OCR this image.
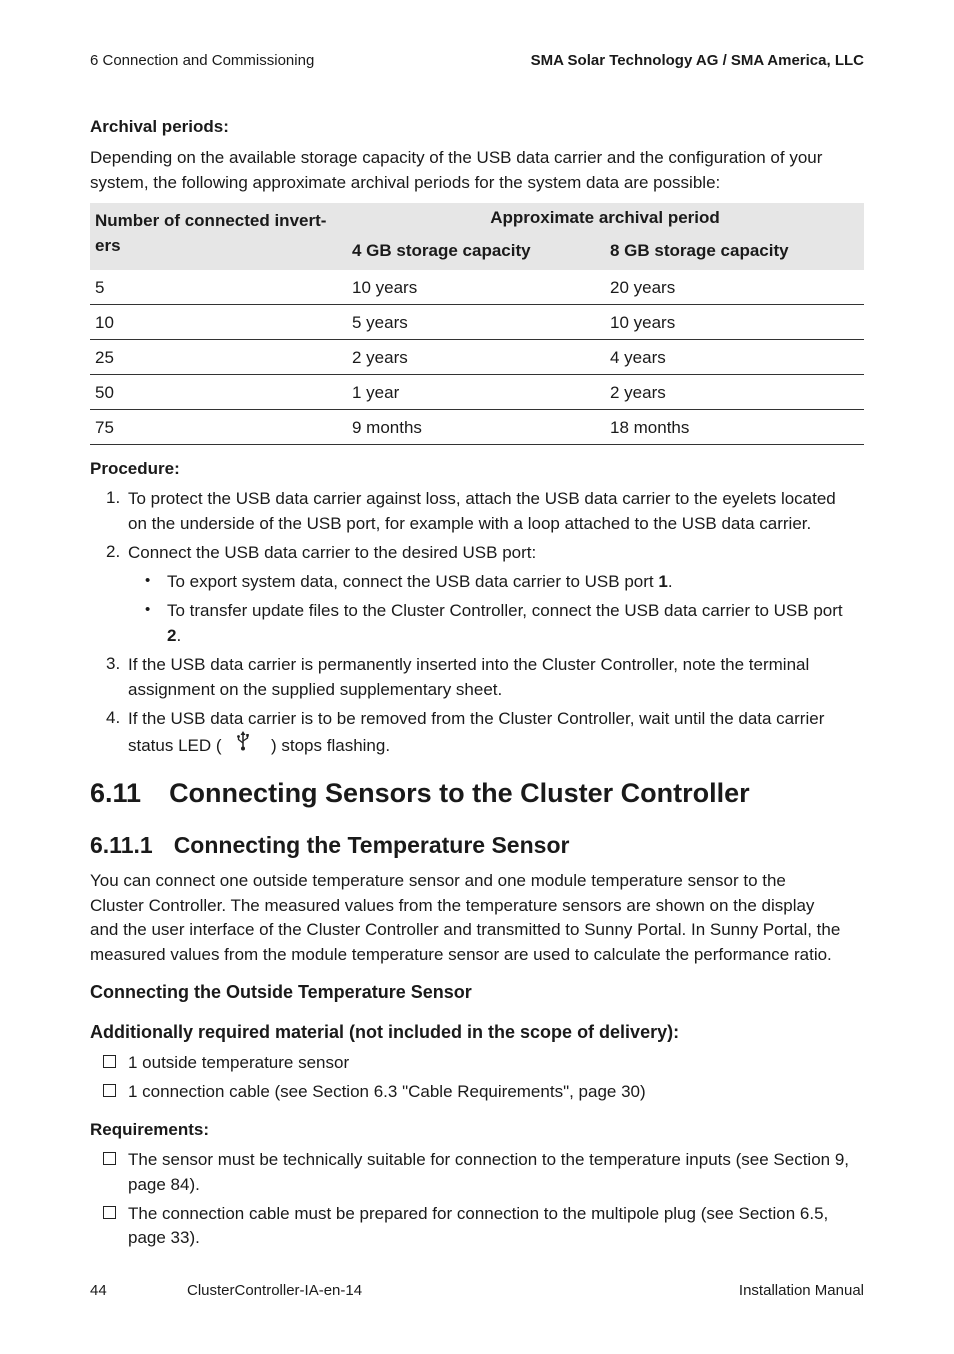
6 Connection and Commissioning	SMA Solar Technology AG / SMA America, LLC
Archival periods:
Depending on the available storage capacity of the USB data carrier and the configuration of your
system, the following approximate archival periods for the system data are possible:
Number of connected invert-
ers	Approximate archival period	
	4 GB storage capacity	8 GB storage capacity
5	10 years	20 years
10	5 years	10 years
25	2 years	4 years
50	1 year	2 years
75	9 months	18 months
Procedure:
1. To protect the USB data carrier against loss, attach the USB data carrier to the eyelets located
on the underside of the USB port, for example with a loop attached to the USB data carrier.
2. Connect the USB data carrier to the desired USB port:
• To export system data, connect the USB data carrier to USB port 1.
• To transfer update files to the Cluster Controller, connect the USB data carrier to USB port
2.
3. If the USB data carrier is permanently inserted into the Cluster Controller, note the terminal
assignment on the supplied supplementary sheet.
4. If the USB data carrier is to be removed from the Cluster Controller, wait until the data carrier
status LED (	) stops flashing.
6.11 Connecting Sensors to the Cluster Controller
6.11.1 Connecting the Temperature Sensor
You can connect one outside temperature sensor and one module temperature sensor to the
Cluster Controller. The measured values from the temperature sensors are shown on the display
and the user interface of the Cluster Controller and transmitted to Sunny Portal. In Sunny Portal, the
measured values from the module temperature sensor are used to calculate the performance ratio.
Connecting the Outside Temperature Sensor
Additionally required material (not included in the scope of delivery):
1 outside temperature sensor
1 connection cable (see Section 6.3 "Cable Requirements", page 30)
Requirements:
The sensor must be technically suitable for connection to the temperature inputs (see Section 9,
page 84).
The connection cable must be prepared for connection to the multipole plug (see Section 6.5,
page 33).
44	ClusterController-IA-en-14	Installation Manual
